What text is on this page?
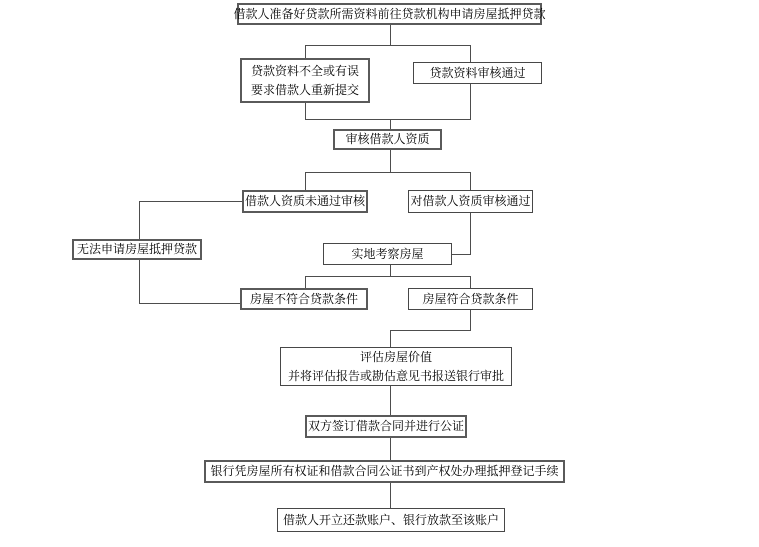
借款人准备好贷款所需资料前往贷款机构申请房屋抵押贷款
贷款资料不全或有误
要求借款人重新提交
贷款资料审核通过
审核借款人资质
借款人资质未通过审核	对借款人资质审核通过
无法申请房屋抵押贷款	实地考察房屋
房屋不符合贷款条件	房屋符合贷款条件
评估房屋价值
并将评估报告或勘估意见书报送银行审批
双方签订借款合同并进行公证
银行凭房屋所有权证和借款合同公证书到产权处办理抵押登记手续
借款人开立还款账户、银行放款至该账户
